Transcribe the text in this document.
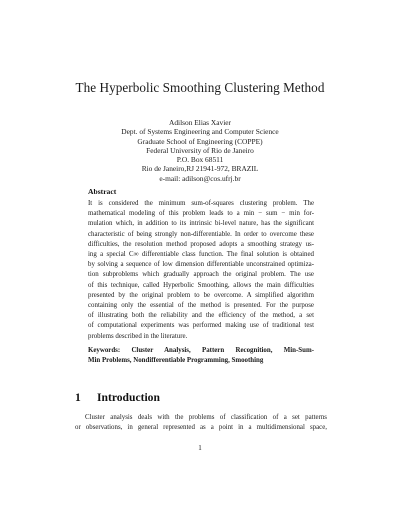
The Hyperbolic Smoothing Clustering Method
Adilson Elias Xavier
Dept. of Systems Engineering and Computer Science
Graduate School of Engineering (COPPE)
Federal University of Rio de Janeiro
P.O. Box 68511
Rio de Janeiro,RJ 21941-972, BRAZIL
e-mail: adilson@cos.ufrj.br
Abstract
It is considered the minimum sum-of-squares clustering problem. The
mathematical modeling of this problem leads to a min − sum − min for-
mulation which, in addition to its intrinsic bi-level nature, has the significant
characteristic of being strongly non-differentiable. In order to overcome these
difficulties, the resolution method proposed adopts a smoothing strategy us-
ing a special C∞ differentiable class function. The final solution is obtained
by solving a sequence of low dimension differentiable unconstrained optimiza-
tion subproblems which gradually approach the original problem. The use
of this technique, called Hyperbolic Smoothing, allows the main difficulties
presented by the original problem to be overcome. A simplified algorithm
containing only the essential of the method is presented. For the purpose
of illustrating both the reliability and the efficiency of the method, a set
of computational experiments was performed making use of traditional test
problems described in the literature.
Keywords: Cluster Analysis, Pattern Recognition, Min-Sum-
Min Problems, Nondifferentiable Programming, Smoothing
1 Introduction
Cluster analysis deals with the problems of classification of a set patterns
or observations, in general represented as a point in a multidimensional space,
1
